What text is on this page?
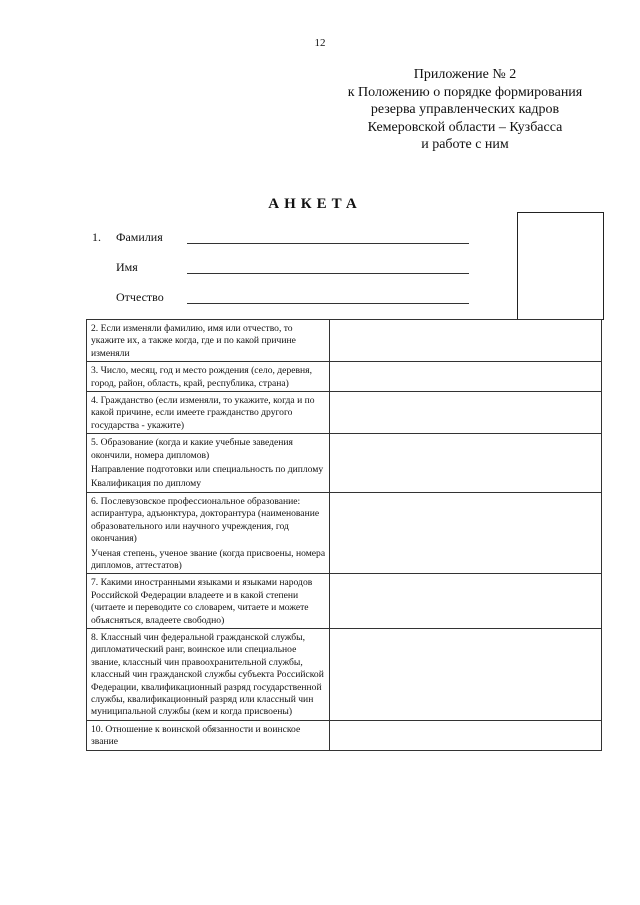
12
Приложение № 2
к Положению о порядке формирования
резерва управленческих кадров
Кемеровской области – Кузбасса
и работе с ним
АНКЕТА
1. Фамилия
Имя
Отчество

2. Если изменяли фамилию, имя или отчество, то укажите их, а также когда, где и по какой причине изменяли	

3. Число, месяц, год и место рождения (село, деревня, город, район, область, край, республика, страна)	

4. Гражданство (если изменяли, то укажите, когда и по какой причине, если имеете гражданство другого государства - укажите)	

5. Образование (когда и какие учебные заведения окончили, номера дипломов)

Направление подготовки или специальность по диплому

Квалификация по диплому	

6. Послевузовское профессиональное образование: аспирантура, адъюнктура, докторантура (наименование образовательного или научного учреждения, год окончания)

Ученая степень, ученое звание (когда присвоены, номера дипломов, аттестатов)	

7. Какими иностранными языками и языками народов Российской Федерации владеете и в какой степени (читаете и переводите со словарем, читаете и можете объясняться, владеете свободно)	

8. Классный чин федеральной гражданской службы, дипломатический ранг, воинское или специальное звание, классный чин правоохранительной службы, классный чин гражданской службы субъекта Российской Федерации, квалификационный разряд государственной службы, квалификационный разряд или классный чин муниципальной службы (кем и когда присвоены)	

10. Отношение к воинской обязанности и воинское звание	
